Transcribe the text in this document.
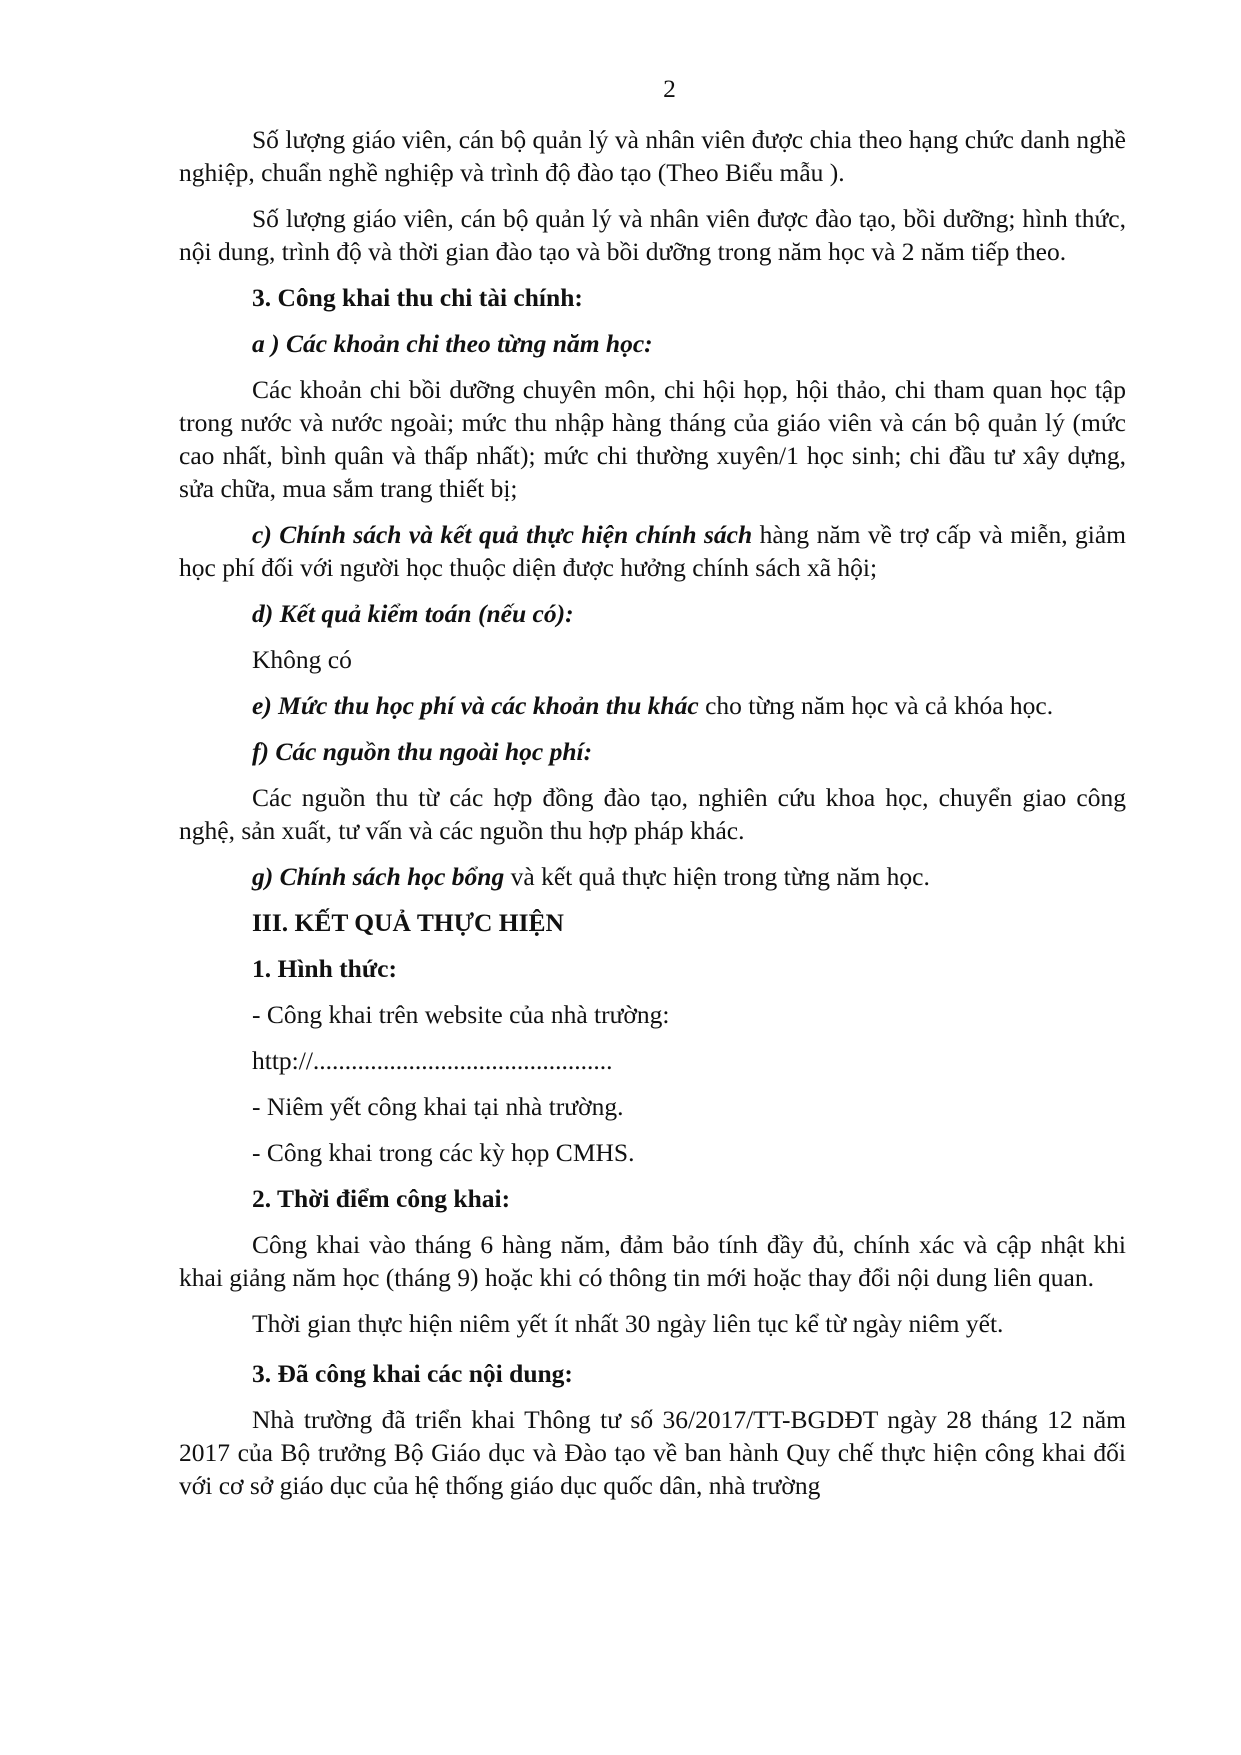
2

Số lượng giáo viên, cán bộ quản lý và nhân viên được chia theo hạng chức danh nghề nghiệp, chuẩn nghề nghiệp và trình độ đào tạo (Theo Biểu mẫu ).

Số lượng giáo viên, cán bộ quản lý và nhân viên được đào tạo, bồi dưỡng; hình thức, nội dung, trình độ và thời gian đào tạo và bồi dưỡng trong năm học và 2 năm tiếp theo.

3. Công khai thu chi tài chính:

a ) Các khoản chi theo từng năm học:

Các khoản chi bồi dưỡng chuyên môn, chi hội họp, hội thảo, chi tham quan học tập trong nước và nước ngoài; mức thu nhập hàng tháng của giáo viên và cán bộ quản lý (mức cao nhất, bình quân và thấp nhất); mức chi thường xuyên/1 học sinh; chi đầu tư xây dựng, sửa chữa, mua sắm trang thiết bị;

c) Chính sách và kết quả thực hiện chính sách hàng năm về trợ cấp và miễn, giảm học phí đối với người học thuộc diện được hưởng chính sách xã hội;

d) Kết quả kiểm toán (nếu có):

Không có

e) Mức thu học phí và các khoản thu khác cho từng năm học và cả khóa học.

f) Các nguồn thu ngoài học phí:

Các nguồn thu từ các hợp đồng đào tạo, nghiên cứu khoa học, chuyển giao công nghệ, sản xuất, tư vấn và các nguồn thu hợp pháp khác.

g) Chính sách học bổng và kết quả thực hiện trong từng năm học.

III. KẾT QUẢ THỰC HIỆN

1. Hình thức:

- Công khai trên website của nhà trường:

http://...............................................

- Niêm yết công khai tại nhà trường.

- Công khai trong các kỳ họp CMHS.

2. Thời điểm công khai:

Công khai vào tháng 6 hàng năm, đảm bảo tính đầy đủ, chính xác và cập nhật khi khai giảng năm học (tháng 9) hoặc khi có thông tin mới hoặc thay đổi nội dung liên quan.

Thời gian thực hiện niêm yết ít nhất 30 ngày liên tục kể từ ngày niêm yết.

3. Đã công khai các nội dung:

Nhà trường đã triển khai Thông tư số 36/2017/TT-BGDĐT ngày 28 tháng 12 năm 2017 của Bộ trưởng Bộ Giáo dục và Đào tạo về ban hành Quy chế thực hiện công khai đối với cơ sở giáo dục của hệ thống giáo dục quốc dân, nhà trường
